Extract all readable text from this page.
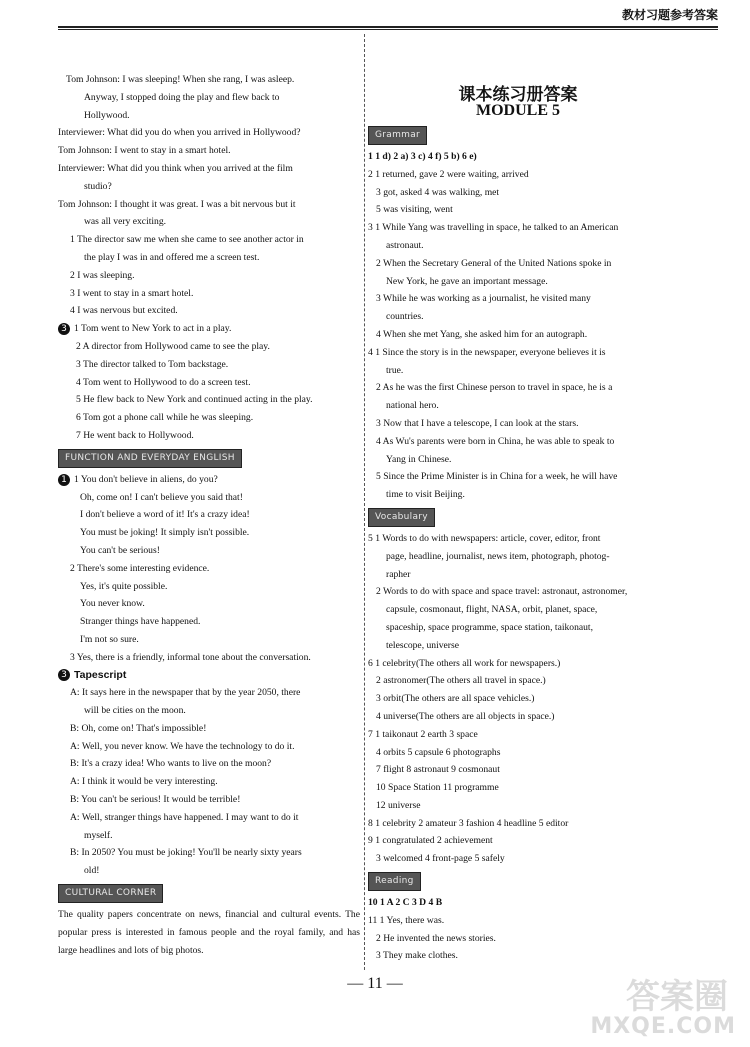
教材习题参考答案
Tom Johnson: I was sleeping! When she rang, I was asleep.
Anyway, I stopped doing the play and flew back to
Hollywood.
Interviewer: What did you do when you arrived in Hollywood?
Tom Johnson: I went to stay in a smart hotel.
Interviewer: What did you think when you arrived at the film
studio?
Tom Johnson: I thought it was great. I was a bit nervous but it
was all very exciting.
1 The director saw me when she came to see another actor in
the play I was in and offered me a screen test.
2 I was sleeping.
3 I went to stay in a smart hotel.
4 I was nervous but excited.
3 1 Tom went to New York to act in a play.
2 A director from Hollywood came to see the play.
3 The director talked to Tom backstage.
4 Tom went to Hollywood to do a screen test.
5 He flew back to New York and continued acting in the play.
6 Tom got a phone call while he was sleeping.
7 He went back to Hollywood.
FUNCTION AND EVERYDAY ENGLISH
1 1 You don't believe in aliens, do you?
Oh, come on! I can't believe you said that!
I don't believe a word of it! It's a crazy idea!
You must be joking! It simply isn't possible.
You can't be serious!
2 There's some interesting evidence.
Yes, it's quite possible.
You never know.
Stranger things have happened.
I'm not so sure.
3 Yes, there is a friendly, informal tone about the conversation.
3 Tapescript
A: It says here in the newspaper that by the year 2050, there
will be cities on the moon.
B: Oh, come on! That's impossible!
A: Well, you never know. We have the technology to do it.
B: It's a crazy idea! Who wants to live on the moon?
A: I think it would be very interesting.
B: You can't be serious! It would be terrible!
A: Well, stranger things have happened. I may want to do it
myself.
B: In 2050? You must be joking! You'll be nearly sixty years
old!
CULTURAL CORNER
The quality papers concentrate on news, financial and cultural events. The popular press is interested in famous people and the royal family, and has large headlines and lots of big photos.
课本练习册答案
MODULE 5
Grammar
1 1 d) 2 a) 3 c) 4 f) 5 b) 6 e)
2 1 returned, gave 2 were waiting, arrived
3 got, asked 4 was walking, met
5 was visiting, went
3 1 While Yang was travelling in space, he talked to an American
astronaut.
2 When the Secretary General of the United Nations spoke in
New York, he gave an important message.
3 While he was working as a journalist, he visited many
countries.
4 When she met Yang, she asked him for an autograph.
4 1 Since the story is in the newspaper, everyone believes it is
true.
2 As he was the first Chinese person to travel in space, he is a
national hero.
3 Now that I have a telescope, I can look at the stars.
4 As Wu's parents were born in China, he was able to speak to
Yang in Chinese.
5 Since the Prime Minister is in China for a week, he will have
time to visit Beijing.
Vocabulary
5 1 Words to do with newspapers: article, cover, editor, front
page, headline, journalist, news item, photograph, photog-
rapher
2 Words to do with space and space travel: astronaut, astronomer,
capsule, cosmonaut, flight, NASA, orbit, planet, space,
spaceship, space programme, space station, taikonaut,
telescope, universe
6 1 celebrity(The others all work for newspapers.)
2 astronomer(The others all travel in space.)
3 orbit(The others are all space vehicles.)
4 universe(The others are all objects in space.)
7 1 taikonaut 2 earth 3 space
4 orbits 5 capsule 6 photographs
7 flight 8 astronaut 9 cosmonaut
10 Space Station 11 programme
12 universe
8 1 celebrity 2 amateur 3 fashion 4 headline 5 editor
9 1 congratulated 2 achievement
3 welcomed 4 front-page 5 safely
Reading
10 1 A 2 C 3 D 4 B
11 1 Yes, there was.
2 He invented the news stories.
3 They make clothes.
— 11 —	答案圈
MXQE.COM
